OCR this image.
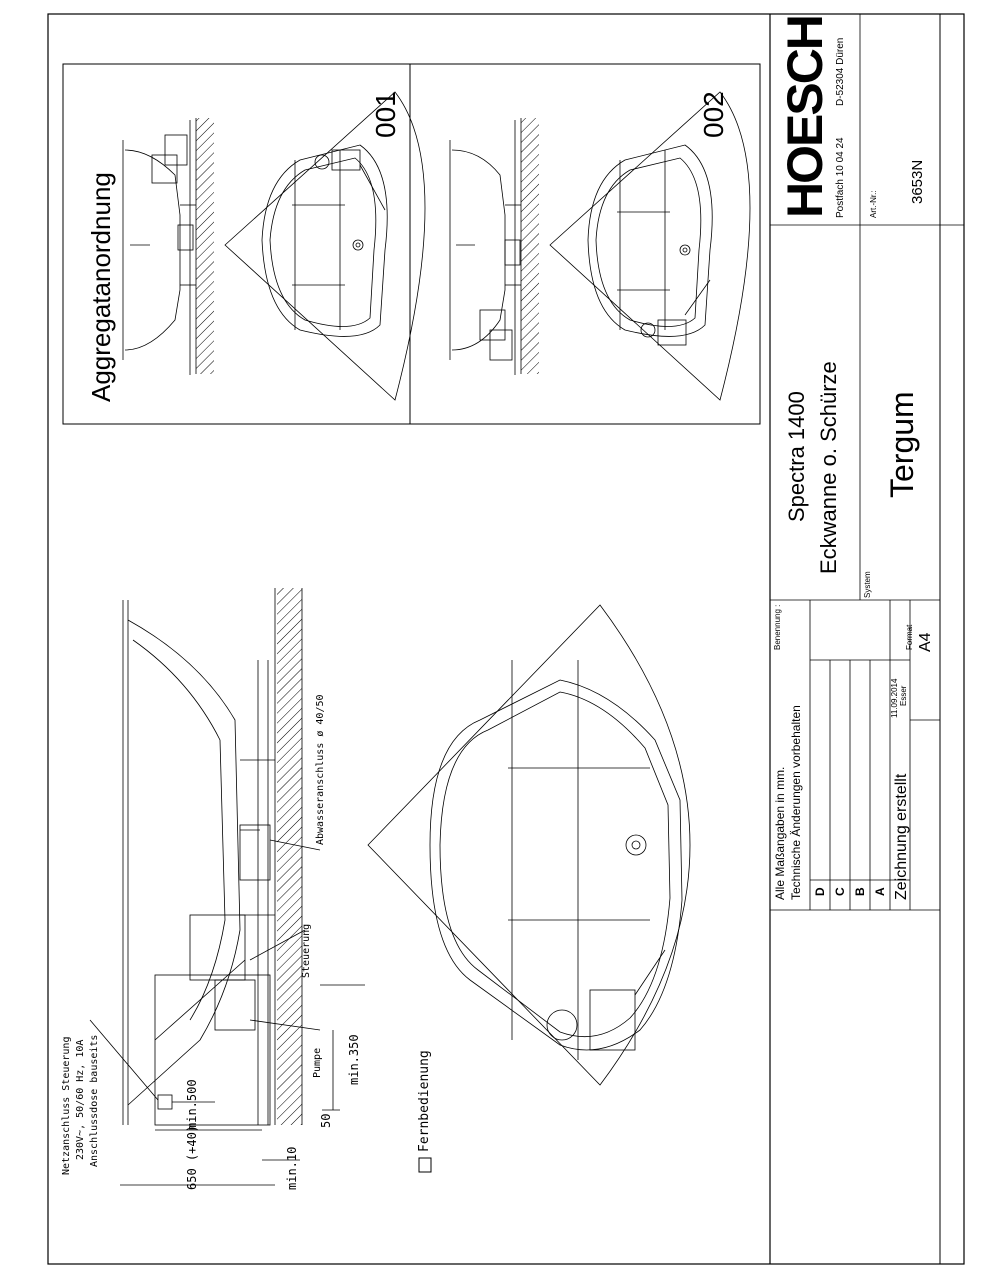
Aggregatanordnung
001	002
Netzanschluss Steuerung 230V~, 50/60 Hz, 10A Anschlussdose bauseits
Steuerung
Pumpe
Abwasseranschluss ø 40/50
Fernbedienung
650 (+40)
min.500
min.10
50
min.350
HOESCH Postfach 10 04 24
D-52304 Düren
Art.-Nr.:
3653N
Alle Maßangaben in mm. Technische Änderungen vorbehalten D C B A Zeichnung erstellt
11.09.2014 Esser
Format A4
Benennung :
Spectra 1400 Eckwanne o. Schürze
System
Tergum
